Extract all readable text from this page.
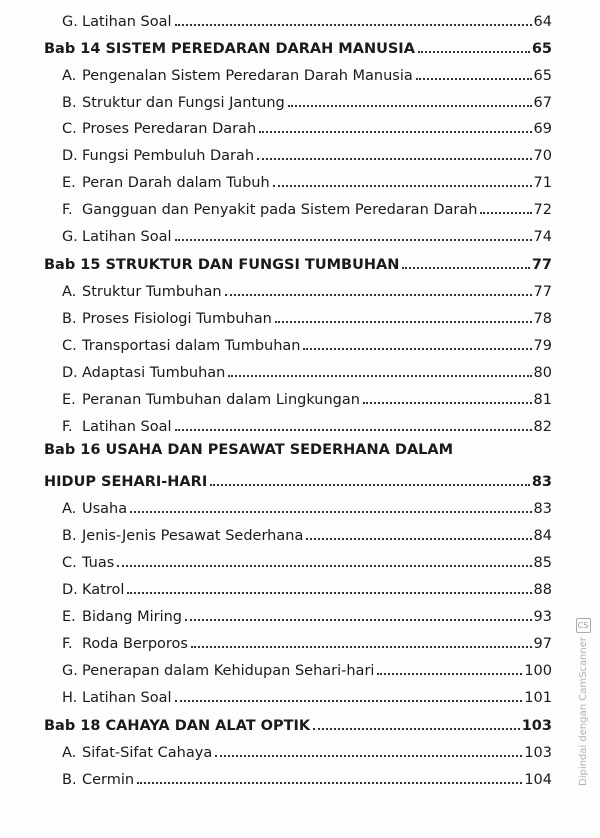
G. Latihan Soal	64
Bab 14 SISTEM PEREDARAN DARAH MANUSIA	65
A. Pengenalan Sistem Peredaran Darah Manusia	65
B. Struktur dan Fungsi Jantung	67
C. Proses Peredaran Darah	69
D. Fungsi Pembuluh Darah	70
E. Peran Darah dalam Tubuh	71
F. Gangguan dan Penyakit pada Sistem Peredaran Darah	72
G. Latihan Soal	74
Bab 15 STRUKTUR DAN FUNGSI TUMBUHAN	77
A. Struktur Tumbuhan	77
B. Proses Fisiologi Tumbuhan	78
C. Transportasi dalam Tumbuhan	79
D. Adaptasi Tumbuhan	80
E. Peranan Tumbuhan dalam Lingkungan	81
F. Latihan Soal	82
Bab 16 USAHA DAN PESAWAT SEDERHANA DALAM
HIDUP SEHARI-HARI	83
A. Usaha	83
B. Jenis-Jenis Pesawat Sederhana	84
C. Tuas	85
D. Katrol	88
E. Bidang Miring	93
F. Roda Berporos	97
G. Penerapan dalam Kehidupan Sehari-hari	100
H. Latihan Soal	101
Bab 18 CAHAYA DAN ALAT OPTIK	103
A. Sifat-Sifat Cahaya	103
B. Cermin	104
CS
Dipindai dengan CamScanner
